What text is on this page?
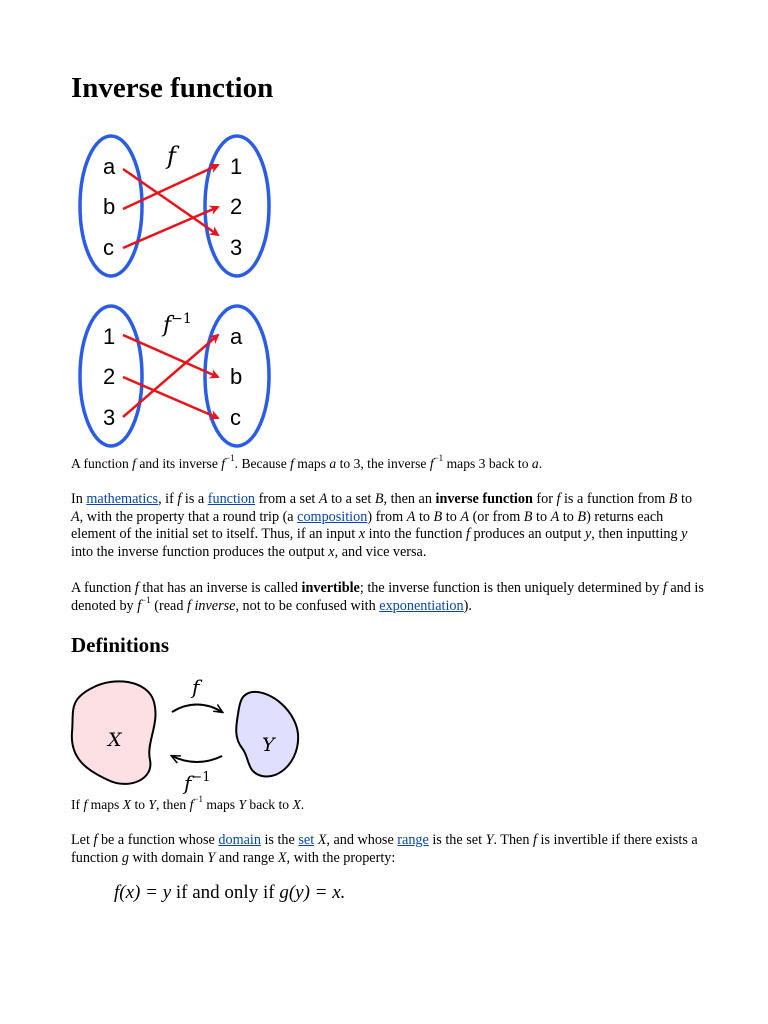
Inverse function
a
b
c
1
2
3
f
1
2
3
a
b
c
$f^{-1}$

A function f and its inverse $f^{-1}$. Because f maps a to 3, the inverse $f^{-1}$ maps 3 back to a.

In mathematics, if f is a function from a set A to a set B, then an inverse function for f is a function from B to A, with the property that a round trip (a composition) from A to B to A (or from B to A to B) returns each element of the initial set to itself. Thus, if an input x into the function f produces an output y, then inputting y into the inverse function produces the output x, and vice versa.

A function f that has an inverse is called invertible; the inverse function is then uniquely determined by f and is denoted by $f^{-1}$ (read f inverse, not to be confused with exponentiation).

Definitions
X	Y
f
$f^{-1}$

If f maps X to Y, then $f^{-1}$ maps Y back to X.

Let f be a function whose domain is the set X, and whose range is the set Y. Then f is invertible if there exists a function g with domain Y and range X, with the property:

f(x) = y if and only if g(y) = x.
